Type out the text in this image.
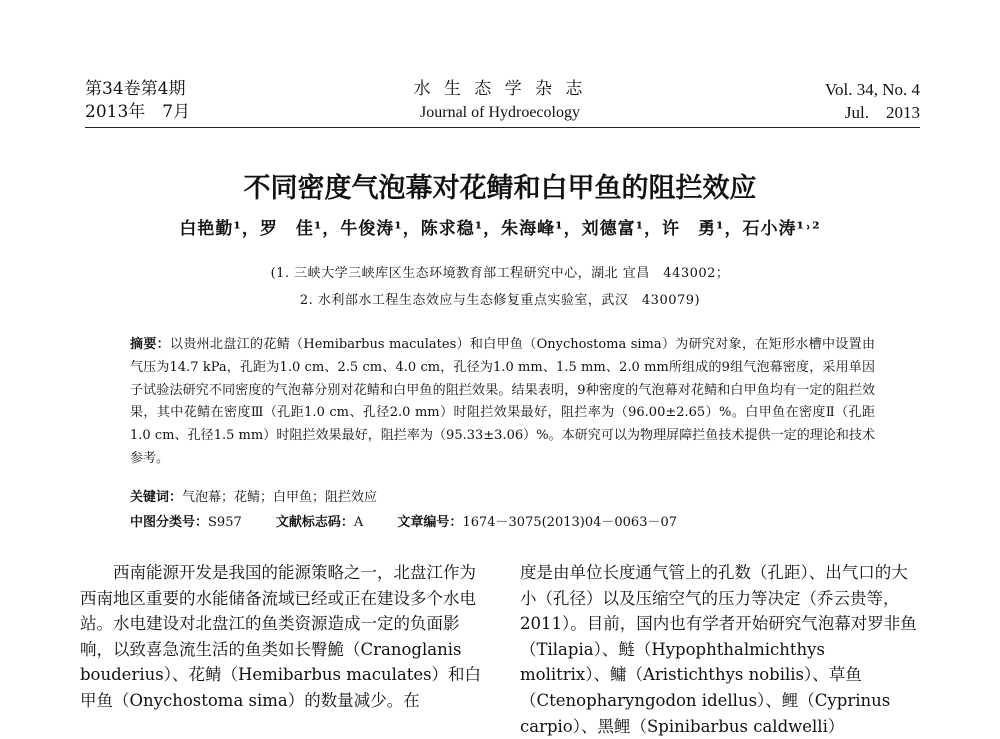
第34卷第4期
2013年　7月
水 生 态 学 杂 志
Journal of Hydroecology
Vol. 34, No. 4
Jul.　2013
不同密度气泡幕对花鲭和白甲鱼的阻拦效应
白艳勤¹，罗　佳¹，牛俊涛¹，陈求稳¹，朱海峰¹，刘德富¹，许　勇¹，石小涛¹˒²
(1. 三峡大学三峡库区生态环境教育部工程研究中心，湖北 宜昌　443002；
2. 水利部水工程生态效应与生态修复重点实验室，武汉　430079)
摘要：以贵州北盘江的花鲭（Hemibarbus maculates）和白甲鱼（Onychostoma sima）为研究对象，在矩形水槽中设置由气压为14.7 kPa，孔距为1.0 cm、2.5 cm、4.0 cm，孔径为1.0 mm、1.5 mm、2.0 mm所组成的9组气泡幕密度，采用单因子试验法研究不同密度的气泡幕分别对花鲭和白甲鱼的阻拦效果。结果表明，9种密度的气泡幕对花鲭和白甲鱼均有一定的阻拦效果，其中花鲭在密度Ⅲ（孔距1.0 cm、孔径2.0 mm）时阻拦效果最好，阻拦率为（96.00±2.65）%。白甲鱼在密度Ⅱ（孔距1.0 cm、孔径1.5 mm）时阻拦效果最好，阻拦率为（95.33±3.06）%。本研究可以为物理屏障拦鱼技术提供一定的理论和技术参考。
关键词：气泡幕；花鲭；白甲鱼；阻拦效应
中图分类号：S957	文献标志码：A	文章编号：1674－3075(2013)04－0063－07

　　西南能源开发是我国的能源策略之一，北盘江作为西南地区重要的水能储备流域已经或正在建设多个水电站。水电建设对北盘江的鱼类资源造成一定的负面影响，以致喜急流生活的鱼类如长臀鮠（Cranoglanis bouderius）、花鲭（Hemibarbus maculates）和白甲鱼（Onychostoma sima）的数量减少。在

度是由单位长度通气管上的孔数（孔距）、出气口的大小（孔径）以及压缩空气的压力等决定（乔云贵等，2011）。目前，国内也有学者开始研究气泡幕对罗非鱼（Tilapia）、鲢（Hypophthalmichthys molitrix）、鳙（Aristichthys nobilis）、草鱼（Ctenopharyngodon idellus）、鲤（Cyprinus carpio）、黑鲤（Spinibarbus caldwelli）
